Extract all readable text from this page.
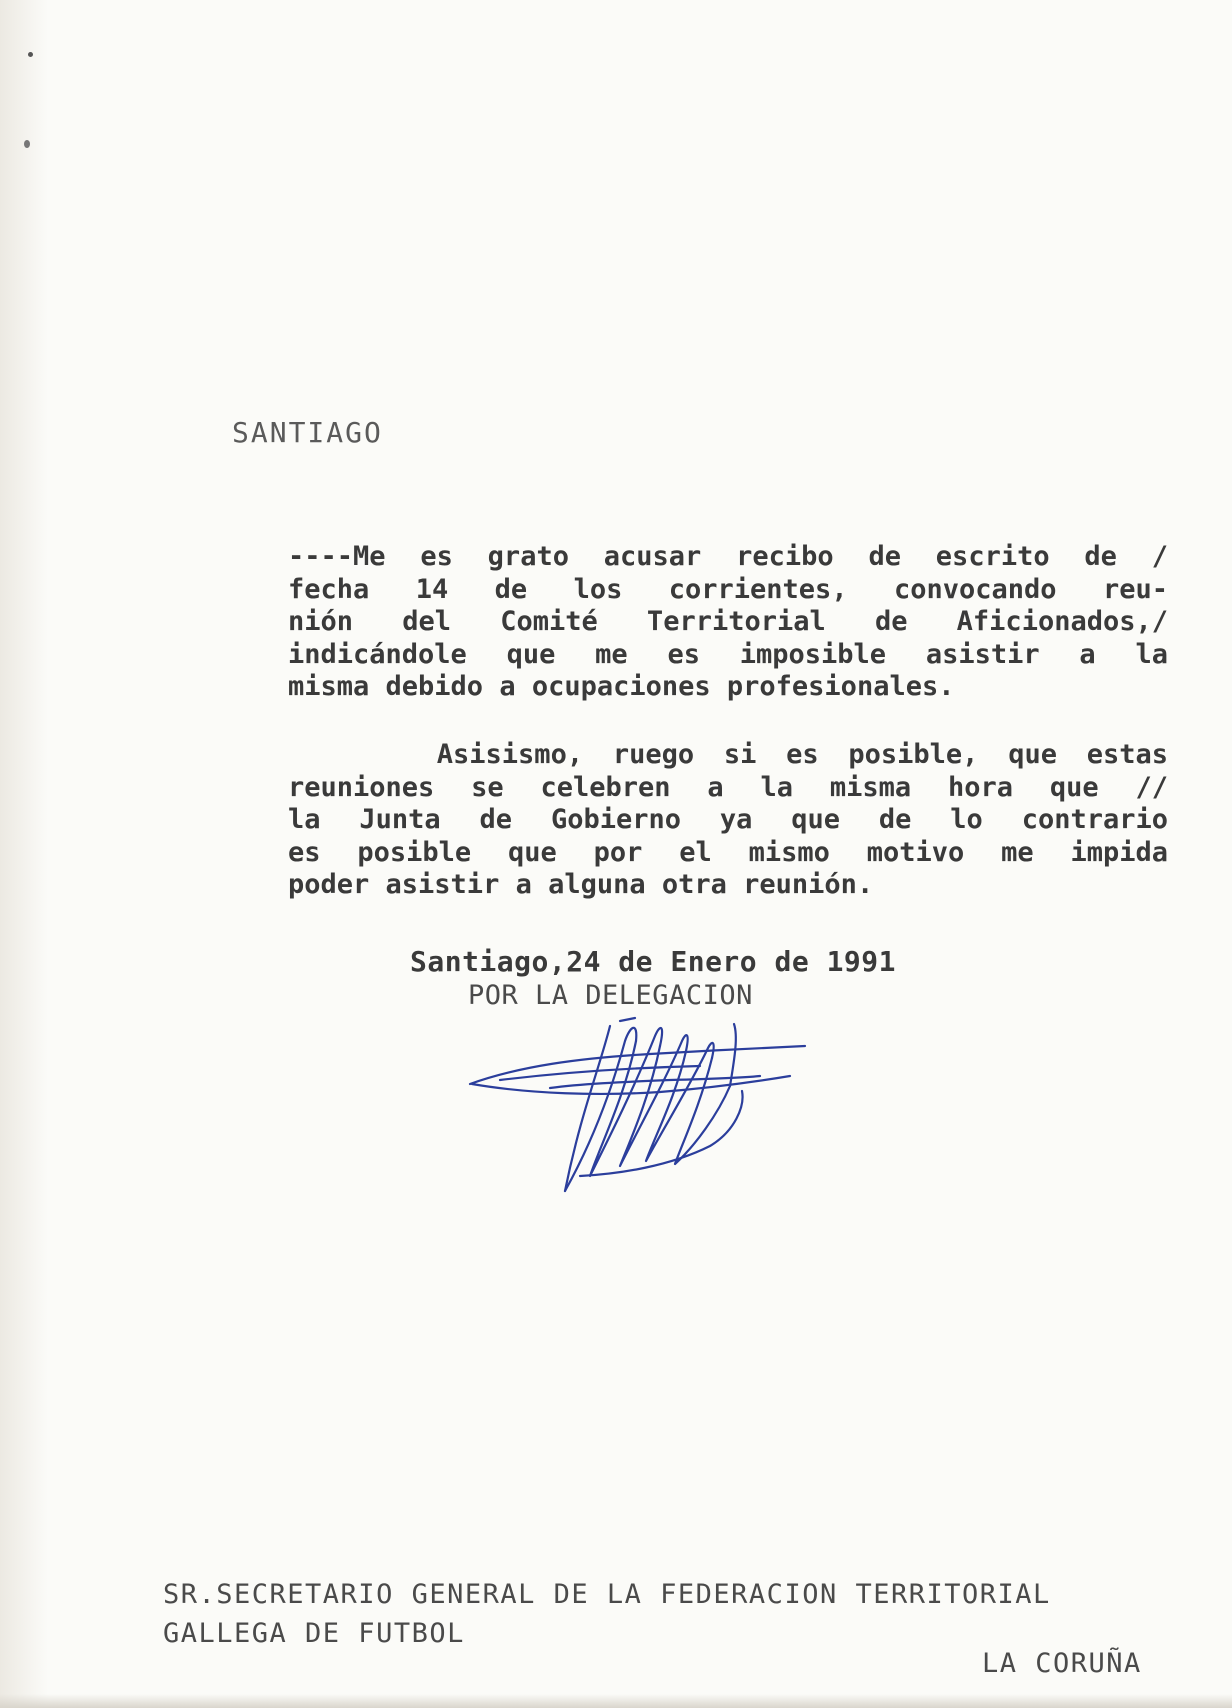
SANTIAGO
----Me es grato acusar recibo de escrito de /
fecha 14 de los corrientes, convocando reu-
nión del Comité Territorial de Aficionados,/
indicándole que me es imposible asistir a la
misma debido a ocupaciones profesionales.
Asisismo, ruego si es posible, que estas
reuniones se celebren a la misma hora que //
la Junta de Gobierno ya que de lo contrario
es posible que por el mismo motivo me impida
poder asistir a alguna otra reunión.
Santiago,24 de Enero de 1991
POR LA DELEGACION
SR.SECRETARIO GENERAL DE LA FEDERACION TERRITORIAL
GALLEGA DE FUTBOL
LA CORUÑA
